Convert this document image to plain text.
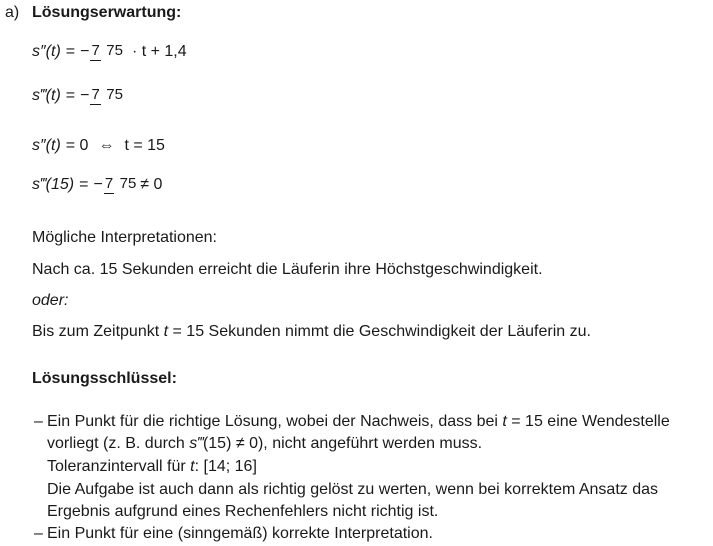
a) Lösungserwartung:
s″(t) = − 7 75 · t + 1,4
s‴(t) = − 7 75
s″(t) = 0 ⇔ t = 15
s‴(15) = − 7 75 ≠ 0
Mögliche Interpretationen:
Nach ca. 15 Sekunden erreicht die Läuferin ihre Höchstgeschwindigkeit.
oder:
Bis zum Zeitpunkt t = 15 Sekunden nimmt die Geschwindigkeit der Läuferin zu.
Lösungsschlüssel:
– Ein Punkt für die richtige Lösung, wobei der Nachweis, dass bei t = 15 eine Wendestelle
vorliegt (z. B. durch s‴(15) ≠ 0), nicht angeführt werden muss.
Toleranzintervall für t: [14; 16]
Die Aufgabe ist auch dann als richtig gelöst zu werten, wenn bei korrektem Ansatz das
Ergebnis aufgrund eines Rechenfehlers nicht richtig ist.
– Ein Punkt für eine (sinngemäß) korrekte Interpretation.
